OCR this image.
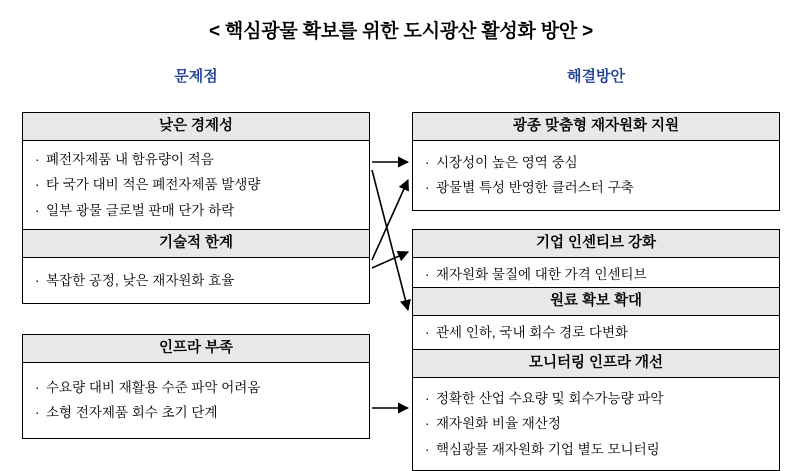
< 핵심광물 확보를 위한 도시광산 활성화 방안 >
문제점	해결방안
낮은 경제성
· 폐전자제품 내 함유량이 적음
· 타 국가 대비 적은 폐전자제품 발생량
· 일부 광물 글로벌 판매 단가 하락
기술적 한계
· 복잡한 공정, 낮은 재자원화 효율
인프라 부족
· 수요량 대비 재활용 수준 파악 어려움
· 소형 전자제품 회수 초기 단계
광종 맞춤형 재자원화 지원
· 시장성이 높은 영역 중심
· 광물별 특성 반영한 클러스터 구축
기업 인센티브 강화
· 재자원화 물질에 대한 가격 인센티브
원료 확보 확대
· 관세 인하, 국내 회수 경로 다변화
모니터링 인프라 개선
· 정확한 산업 수요량 및 회수가능량 파악
· 재자원화 비율 재산정
· 핵심광물 재자원화 기업 별도 모니터링
